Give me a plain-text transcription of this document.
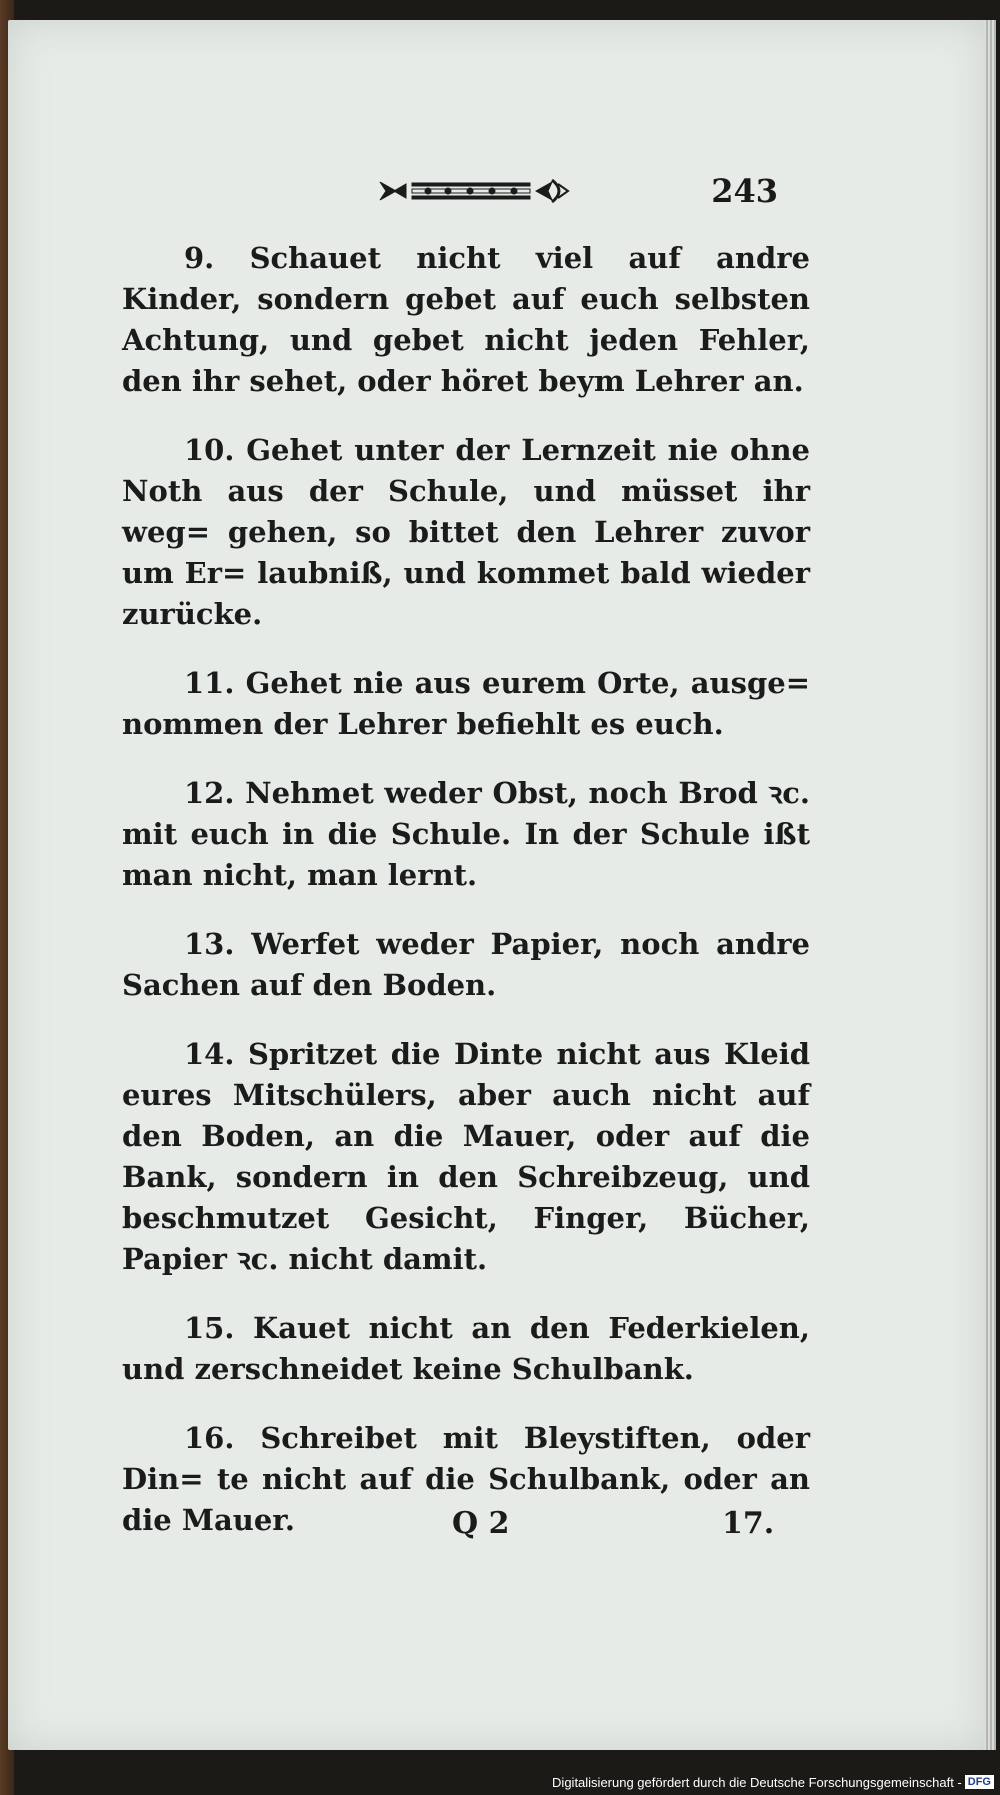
243

9. Schauet nicht viel auf andre Kinder, sondern gebet auf euch selbsten Achtung, und gebet nicht jeden Fehler, den ihr sehet, oder höret beym Lehrer an.

10. Gehet unter der Lernzeit nie ohne Noth aus der Schule, und müsset ihr weg= gehen, so bittet den Lehrer zuvor um Er= laubniß, und kommet bald wieder zurücke.

11. Gehet nie aus eurem Orte, ausge= nommen der Lehrer befiehlt es euch.

12. Nehmet weder Obst, noch Brod ꝛc. mit euch in die Schule. In der Schule ißt man nicht, man lernt.

13. Werfet weder Papier, noch andre Sachen auf den Boden.

14. Spritzet die Dinte nicht aus Kleid eures Mitschülers, aber auch nicht auf den Boden, an die Mauer, oder auf die Bank, sondern in den Schreibzeug, und beschmutzet Gesicht, Finger, Bücher, Papier ꝛc. nicht damit.

15. Kauet nicht an den Federkielen, und zerschneidet keine Schulbank.

16. Schreibet mit Bleystiften, oder Din= te nicht auf die Schulbank, oder an die Mauer.	Q 2	17.
Digitalisierung gefördert durch die Deutsche Forschungsgemeinschaft - DFG
